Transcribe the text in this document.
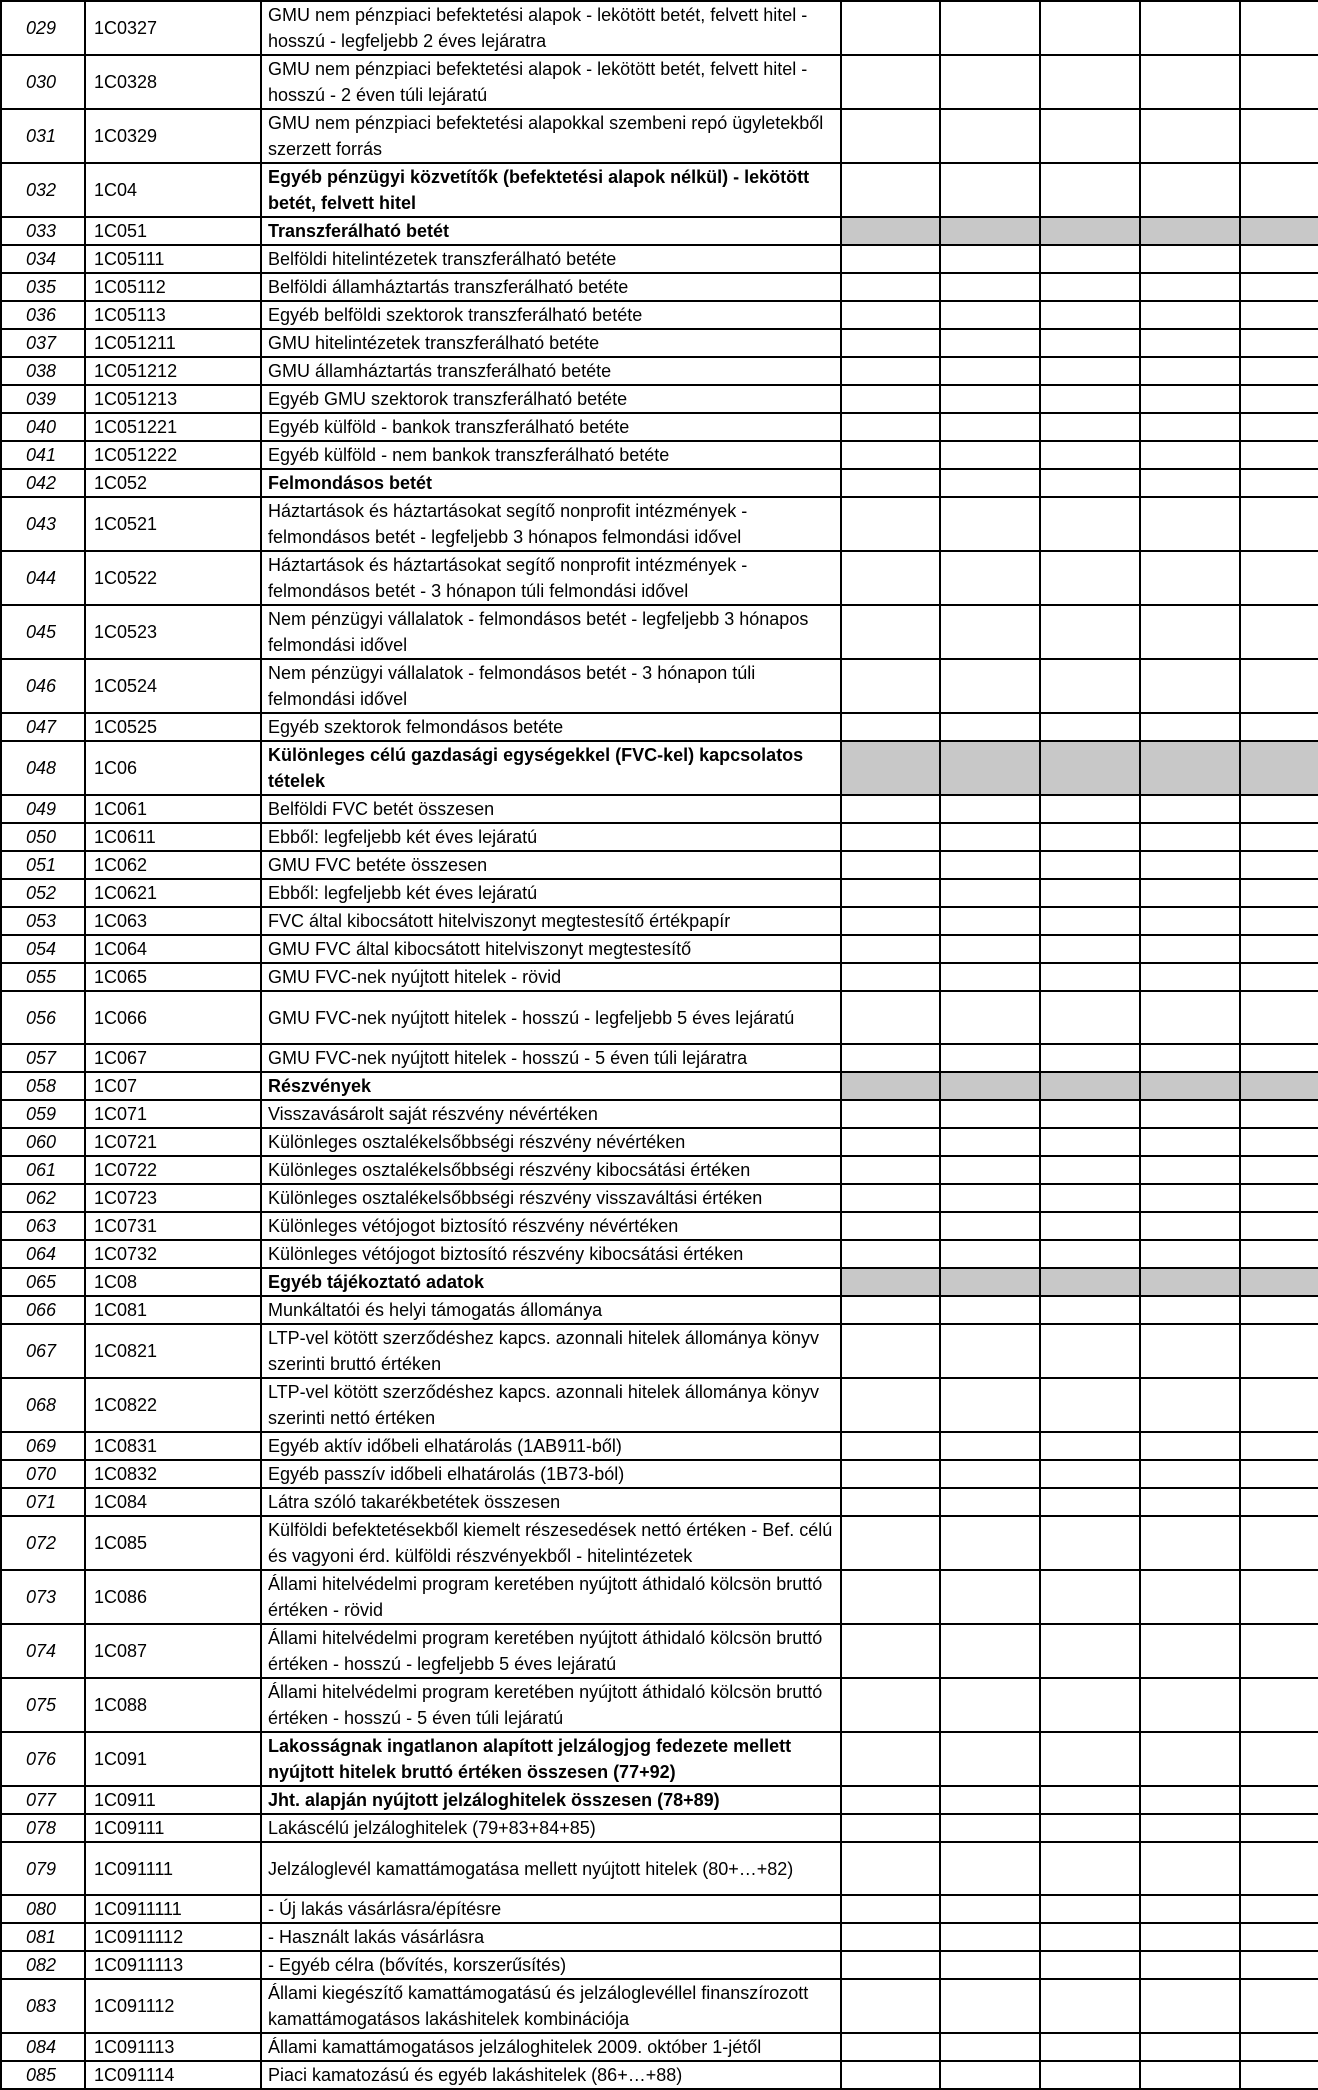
029	1C0327	GMU nem pénzpiaci befektetési alapok - lekötött betét, felvett hitel - hosszú - legfeljebb 2 éves lejáratra					
030	1C0328	GMU nem pénzpiaci befektetési alapok - lekötött betét, felvett hitel - hosszú - 2 éven túli lejáratú					
031	1C0329	GMU nem pénzpiaci befektetési alapokkal szembeni repó ügyletekből szerzett forrás					
032	1C04	Egyéb pénzügyi közvetítők (befektetési alapok nélkül) - lekötött betét, felvett hitel					
033	1C051	Transzferálható betét					
034	1C05111	Belföldi hitelintézetek transzferálható betéte					
035	1C05112	Belföldi államháztartás transzferálható betéte					
036	1C05113	Egyéb belföldi szektorok transzferálható betéte					
037	1C051211	GMU hitelintézetek transzferálható betéte					
038	1C051212	GMU államháztartás transzferálható betéte					
039	1C051213	Egyéb GMU szektorok transzferálható betéte					
040	1C051221	Egyéb külföld - bankok transzferálható betéte					
041	1C051222	Egyéb külföld - nem bankok transzferálható betéte					
042	1C052	Felmondásos betét					
043	1C0521	Háztartások és háztartásokat segítő nonprofit intézmények - felmondásos betét - legfeljebb 3 hónapos felmondási idővel					
044	1C0522	Háztartások és háztartásokat segítő nonprofit intézmények - felmondásos betét - 3 hónapon túli felmondási idővel					
045	1C0523	Nem pénzügyi vállalatok - felmondásos betét - legfeljebb 3 hónapos felmondási idővel					
046	1C0524	Nem pénzügyi vállalatok - felmondásos betét - 3 hónapon túli felmondási idővel					
047	1C0525	Egyéb szektorok felmondásos betéte					
048	1C06	Különleges célú gazdasági egységekkel (FVC-kel) kapcsolatos tételek					
049	1C061	Belföldi FVC betét összesen					
050	1C0611	Ebből: legfeljebb két éves lejáratú					
051	1C062	GMU FVC betéte összesen					
052	1C0621	Ebből: legfeljebb két éves lejáratú					
053	1C063	FVC által kibocsátott hitelviszonyt megtestesítő értékpapír					
054	1C064	GMU FVC által kibocsátott hitelviszonyt megtestesítő					
055	1C065	GMU FVC-nek nyújtott hitelek - rövid					
056	1C066	GMU FVC-nek nyújtott hitelek - hosszú - legfeljebb 5 éves lejáratú					
057	1C067	GMU FVC-nek nyújtott hitelek - hosszú - 5 éven túli lejáratra					
058	1C07	Részvények					
059	1C071	Visszavásárolt saját részvény névértéken					
060	1C0721	Különleges osztalékelsőbbségi részvény névértéken					
061	1C0722	Különleges osztalékelsőbbségi részvény kibocsátási értéken					
062	1C0723	Különleges osztalékelsőbbségi részvény visszaváltási értéken					
063	1C0731	Különleges vétójogot biztosító részvény névértéken					
064	1C0732	Különleges vétójogot biztosító részvény kibocsátási értéken					
065	1C08	Egyéb tájékoztató adatok					
066	1C081	Munkáltatói és helyi támogatás állománya					
067	1C0821	LTP-vel kötött szerződéshez kapcs. azonnali hitelek állománya könyv szerinti bruttó értéken					
068	1C0822	LTP-vel kötött szerződéshez kapcs. azonnali hitelek állománya könyv szerinti nettó értéken					
069	1C0831	Egyéb aktív időbeli elhatárolás (1AB911-ből)					
070	1C0832	Egyéb passzív időbeli elhatárolás (1B73-ból)					
071	1C084	Látra szóló takarékbetétek összesen					
072	1C085	Külföldi befektetésekből kiemelt részesedések nettó értéken - Bef. célú és vagyoni érd. külföldi részvényekből - hitelintézetek					
073	1C086	Állami hitelvédelmi program keretében nyújtott áthidaló kölcsön bruttó értéken - rövid					
074	1C087	Állami hitelvédelmi program keretében nyújtott áthidaló kölcsön bruttó értéken - hosszú - legfeljebb 5 éves lejáratú					
075	1C088	Állami hitelvédelmi program keretében nyújtott áthidaló kölcsön bruttó értéken - hosszú - 5 éven túli lejáratú					
076	1C091	Lakosságnak ingatlanon alapított jelzálogjog fedezete mellett nyújtott hitelek bruttó értéken összesen (77+92)					
077	1C0911	Jht. alapján nyújtott jelzáloghitelek összesen (78+89)					
078	1C09111	Lakáscélú jelzáloghitelek (79+83+84+85)					
079	1C091111	Jelzáloglevél kamattámogatása mellett nyújtott hitelek (80+…+82)					
080	1C0911111	- Új lakás vásárlásra/építésre					
081	1C0911112	- Használt lakás vásárlásra					
082	1C0911113	- Egyéb célra (bővítés, korszerűsítés)					
083	1C091112	Állami kiegészítő kamattámogatású és jelzáloglevéllel finanszírozott kamattámogatásos lakáshitelek kombinációja					
084	1C091113	Állami kamattámogatásos jelzáloghitelek 2009. október 1-jétől					
085	1C091114	Piaci kamatozású és egyéb lakáshitelek (86+…+88)					
